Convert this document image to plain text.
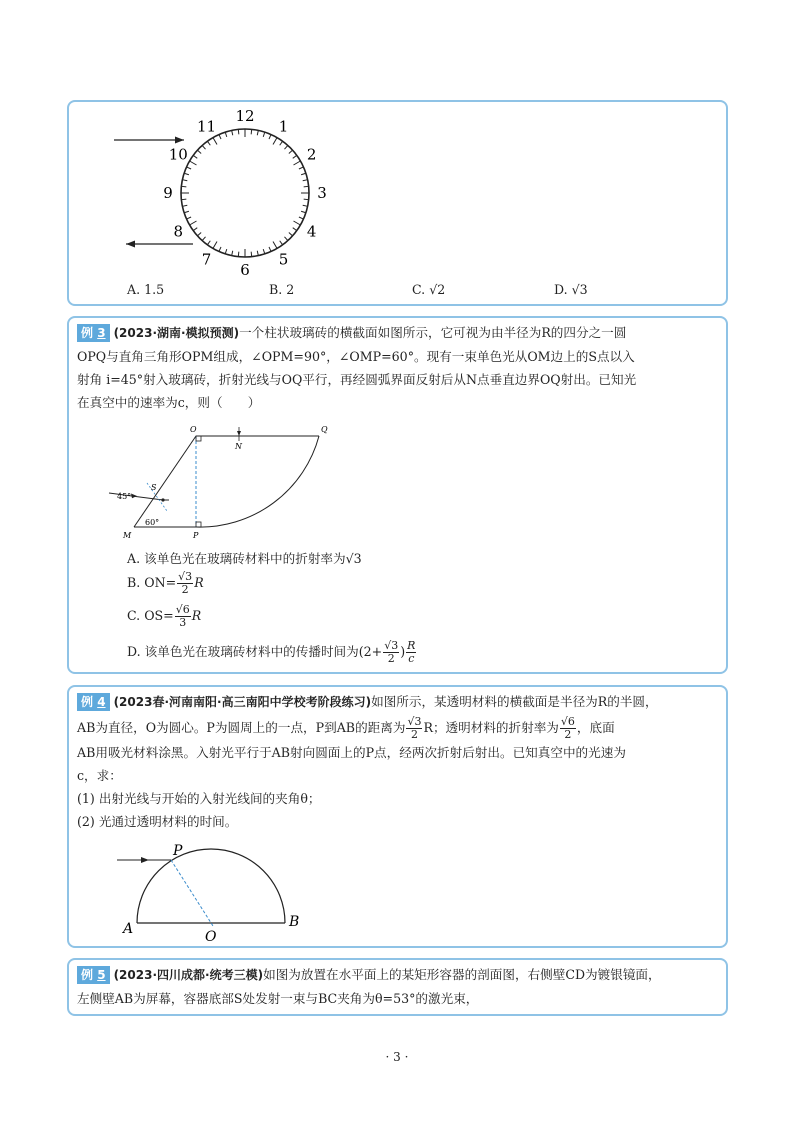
12
1
2
3
4
5
6
7
8
9
10
11
A. 1.5	B. 2	C. √2	D. √3
例 3 (2023·湖南·模拟预测)一个柱状玻璃砖的横截面如图所示，它可视为由半径为R的四分之一圆
OPQ与直角三角形OPM组成，∠OPM=90°，∠OMP=60°。现有一束单色光从OM边上的S点以入
射角 i=45°射入玻璃砖，折射光线与OQ平行，再经圆弧界面反射后从N点垂直边界OQ射出。已知光
在真空中的速率为c，则（　　）
O	Q
N
S
45°
M	P
60°
A. 该单色光在玻璃砖材料中的折射率为√3
B. $ON= \frac{√3}{2}$ R
C. $OS= \frac{√6}{3}$ R
D. 该单色光在玻璃砖材料中的传播时间为($2+ \frac{√3}{2}$ ) $\frac{R}{c}$
例 4 (2023春·河南南阳·高三南阳中学校考阶段练习)如图所示，某透明材料的横截面是半径为R的半圆，
AB为直径，O为圆心。P为圆周上的一点，P到AB的距离为 $\frac{√3}{2}$ R；透明材料的折射率为 $\frac{√6}{2}$ ，底面
AB用吸光材料涂黑。入射光平行于AB射向圆面上的P点，经两次折射后射出。已知真空中的光速为
c，求：
(1) 出射光线与开始的入射光线间的夹角θ；
(2) 光通过透明材料的时间。
P
A	O
B
例 5 (2023·四川成都·统考三模)如图为放置在水平面上的某矩形容器的剖面图，右侧壁CD为镀银镜面，
左侧壁AB为屏幕，容器底部S处发射一束与BC夹角为θ=53°的激光束，
· 3 ·
